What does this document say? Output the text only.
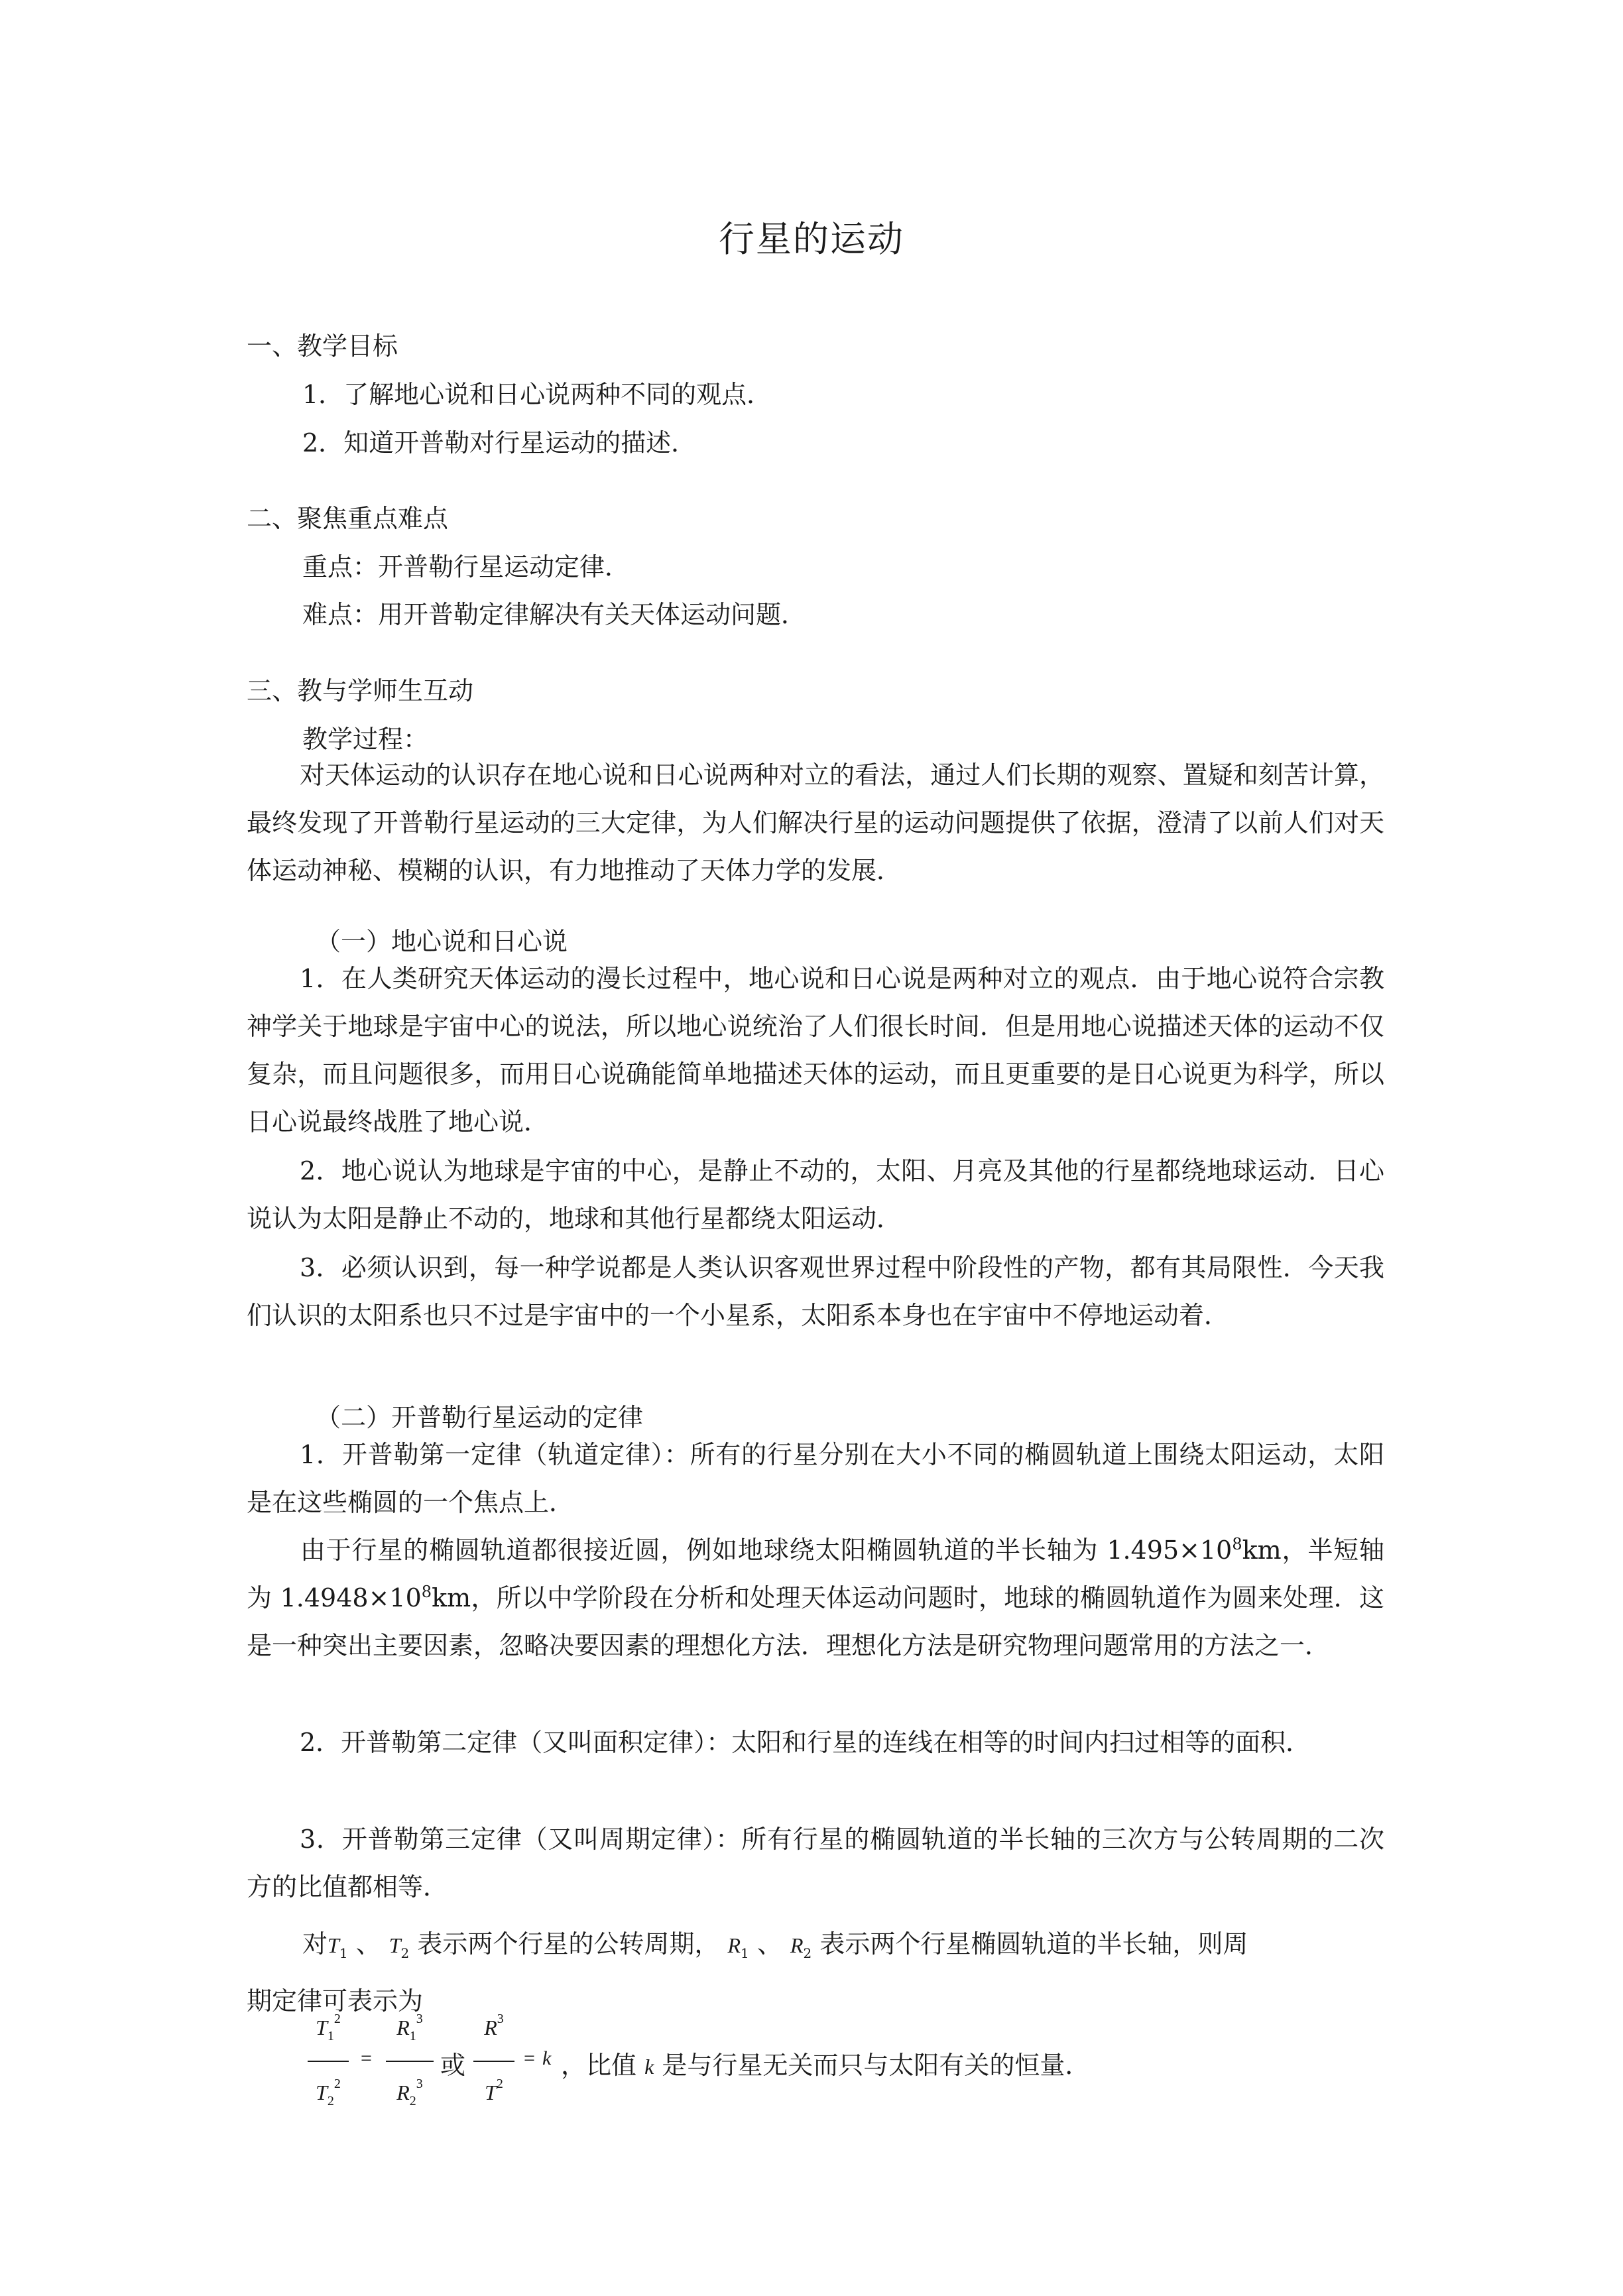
行星的运动
一、教学目标
1．了解地心说和日心说两种不同的观点．
2．知道开普勒对行星运动的描述．
二、聚焦重点难点
重点：开普勒行星运动定律．
难点：用开普勒定律解决有关天体运动问题．
三、教与学师生互动
教学过程：
对天体运动的认识存在地心说和日心说两种对立的看法，通过人们长期的观察、置疑和刻苦计算，最终发现了开普勒行星运动的三大定律，为人们解决行星的运动问题提供了依据，澄清了以前人们对天体运动神秘、模糊的认识，有力地推动了天体力学的发展．
（一）地心说和日心说
1．在人类研究天体运动的漫长过程中，地心说和日心说是两种对立的观点．由于地心说符合宗教神学关于地球是宇宙中心的说法，所以地心说统治了人们很长时间．但是用地心说描述天体的运动不仅复杂，而且问题很多，而用日心说确能简单地描述天体的运动，而且更重要的是日心说更为科学，所以日心说最终战胜了地心说．
2．地心说认为地球是宇宙的中心，是静止不动的，太阳、月亮及其他的行星都绕地球运动．日心说认为太阳是静止不动的，地球和其他行星都绕太阳运动．
3．必须认识到，每一种学说都是人类认识客观世界过程中阶段性的产物，都有其局限性．今天我们认识的太阳系也只不过是宇宙中的一个小星系，太阳系本身也在宇宙中不停地运动着．
（二）开普勒行星运动的定律
1．开普勒第一定律（轨道定律）：所有的行星分别在大小不同的椭圆轨道上围绕太阳运动，太阳是在这些椭圆的一个焦点上．
由于行星的椭圆轨道都很接近圆，例如地球绕太阳椭圆轨道的半长轴为 $1.495\times 10^8km$，半短轴为 $1.4948\times 10^8km$，所以中学阶段在分析和处理天体运动问题时，地球的椭圆轨道作为圆来处理．这是一种突出主要因素，忽略决要因素的理想化方法．理想化方法是研究物理问题常用的方法之一．
2．开普勒第二定律（又叫面积定律）：太阳和行星的连线在相等的时间内扫过相等的面积．
3．开普勒第三定律（又叫周期定律）：所有行星的椭圆轨道的半长轴的三次方与公转周期的二次方的比值都相等．
对$T_1$ 、 $T_2$ 表示两个行星的公转周期， $R_1$ 、 $R_2$ 表示两个行星椭圆轨道的半长轴，则周
期定律可表示为
$T_1^2$
$T_2^2$
=
$R_1^3$
$R_2^3$
或
$R^3$
$T^2$
= k ，比值 k 是与行星无关而只与太阳有关的恒量．
